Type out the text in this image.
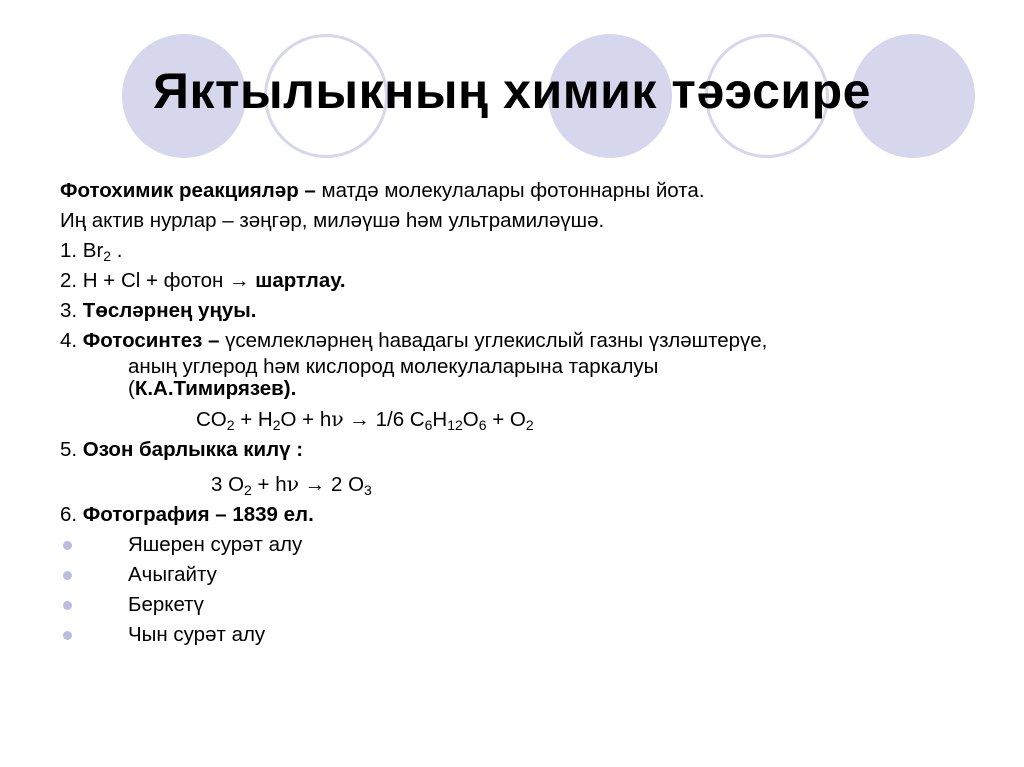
Яктылыкның химик тәэсире
Фотохимик реакцияләр – матдә молекулалары фотоннарны йота.
Иң актив нурлар – зәңгәр, миләүшә һәм ультрамиләүшә.
1. $Br_2$ .
2. H + Cl + фотон → шартлау.
3. Төсләрнең уңуы.
4. Фотосинтез – үсемлекләрнең һавадагы углекислый газны үзләштерүе,
аның углерод һәм кислород молекулаларына таркалуы
(К.А.Тимирязев).
$CO_2 + H_2O + h\nu \to 1/6$ $C_6H_{12}O_6 + O_2$
5. Озон барлыкка килү :
3 $O_2 + h\nu \to 2$ $O_3$
6. Фотография – 1839 ел.
Яшерен сурәт алу
Ачыгайту
Беркетү
Чын сурәт алу
